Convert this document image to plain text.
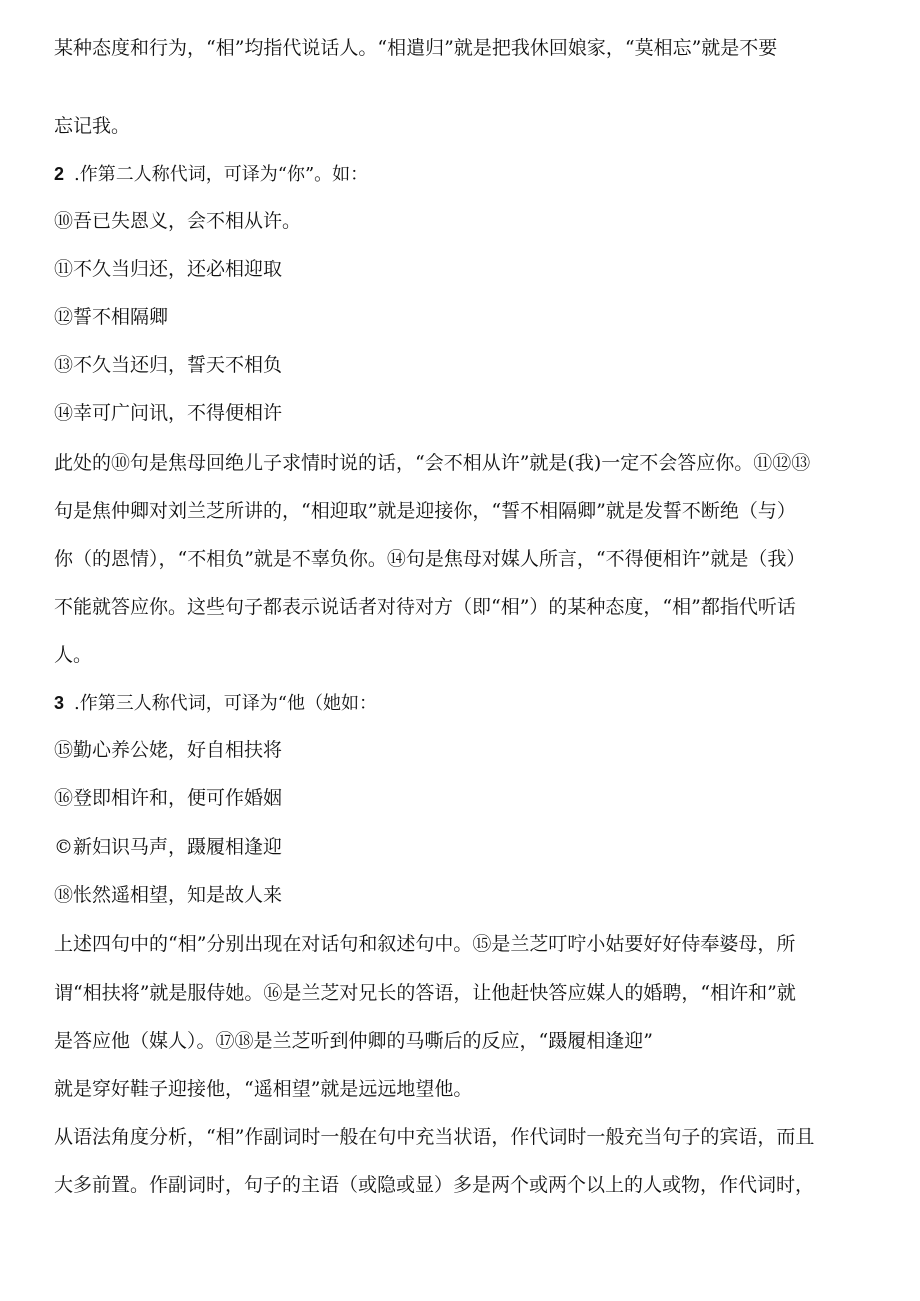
某种态度和行为，“相”均指代说话人。“相遣归”就是把我休回娘家，“莫相忘”就是不要
忘记我。
2 .作第二人称代词，可译为“你”。如：
⑩吾已失恩义，会不相从许。
⑪不久当归还，还必相迎取
⑫誓不相隔卿
⑬不久当还归，誓天不相负
⑭幸可广问讯，不得便相许
此处的⑩句是焦母回绝儿子求情时说的话，“会不相从许”就是(我)一定不会答应你。⑪⑫⑬
句是焦仲卿对刘兰芝所讲的，“相迎取”就是迎接你，“誓不相隔卿”就是发誓不断绝（与）
你（的恩情），“不相负”就是不辜负你。⑭句是焦母对媒人所言，“不得便相许”就是（我）
不能就答应你。这些句子都表示说话者对待对方（即“相”）的某种态度，“相”都指代听话
人。
3 .作第三人称代词，可译为“他（她如：
⑮勤心养公姥，好自相扶将
⑯登即相许和，便可作婚姻
©新妇识马声，蹑履相逢迎
⑱怅然遥相望，知是故人来
上述四句中的“相”分别出现在对话句和叙述句中。⑮是兰芝叮咛小姑要好好侍奉婆母，所
谓“相扶将”就是服侍她。⑯是兰芝对兄长的答语，让他赶快答应媒人的婚聘，“相许和”就
是答应他（媒人）。⑰⑱是兰芝听到仲卿的马嘶后的反应，“蹑履相逢迎”
就是穿好鞋子迎接他，“遥相望”就是远远地望他。
从语法角度分析，“相”作副词时一般在句中充当状语，作代词时一般充当句子的宾语，而且
大多前置。作副词时，句子的主语（或隐或显）多是两个或两个以上的人或物，作代词时，
